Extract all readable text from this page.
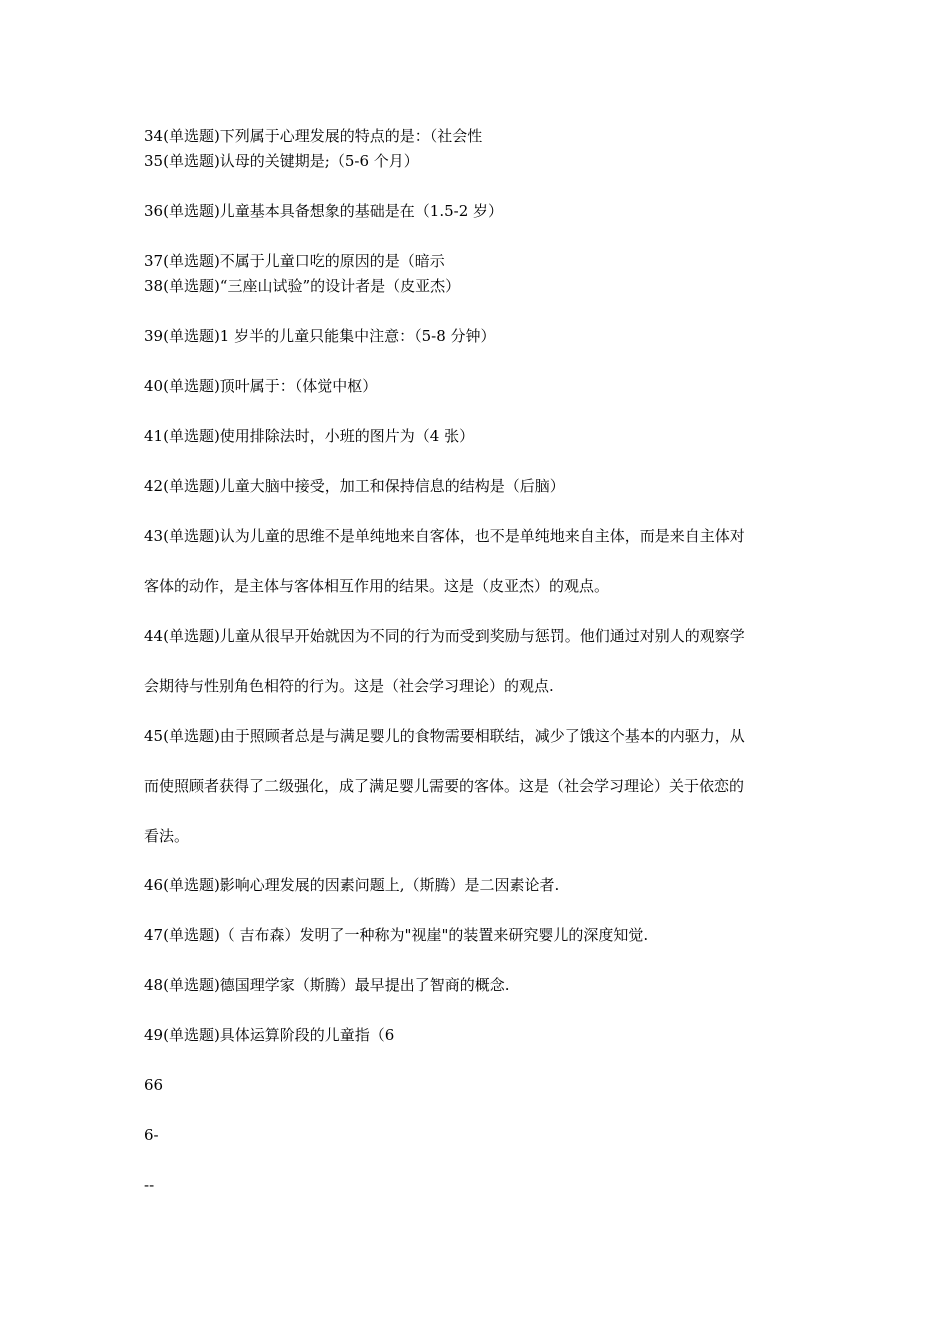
34(单选题)下列属于心理发展的特点的是：（社会性
35(单选题)认母的关键期是;（5-6 个月）
36(单选题)儿童基本具备想象的基础是在（1.5-2 岁）
37(单选题)不属于儿童口吃的原因的是（暗示
38(单选题)“三座山试验”的设计者是（皮亚杰）
39(单选题)1 岁半的儿童只能集中注意：（5-8 分钟）
40(单选题)顶叶属于：（体觉中枢）
41(单选题)使用排除法时，小班的图片为（4 张）
42(单选题)儿童大脑中接受，加工和保持信息的结构是（后脑）
43(单选题)认为儿童的思维不是单纯地来自客体，也不是单纯地来自主体，而是来自主体对
客体的动作，是主体与客体相互作用的结果。这是（皮亚杰）的观点。
44(单选题)儿童从很早开始就因为不同的行为而受到奖励与惩罚。他们通过对别人的观察学
会期待与性别角色相符的行为。这是（社会学习理论）的观点.
45(单选题)由于照顾者总是与满足婴儿的食物需要相联结，减少了饿这个基本的内驱力，从
而使照顾者获得了二级强化，成了满足婴儿需要的客体。这是（社会学习理论）关于依恋的
看法。
46(单选题)影响心理发展的因素问题上,（斯腾）是二因素论者.
47(单选题)（ 吉布森）发明了一种称为"视崖"的装置来研究婴儿的深度知觉.
48(单选题)德国理学家（斯腾）最早提出了智商的概念.
49(单选题)具体运算阶段的儿童指（6
66
6-
--
